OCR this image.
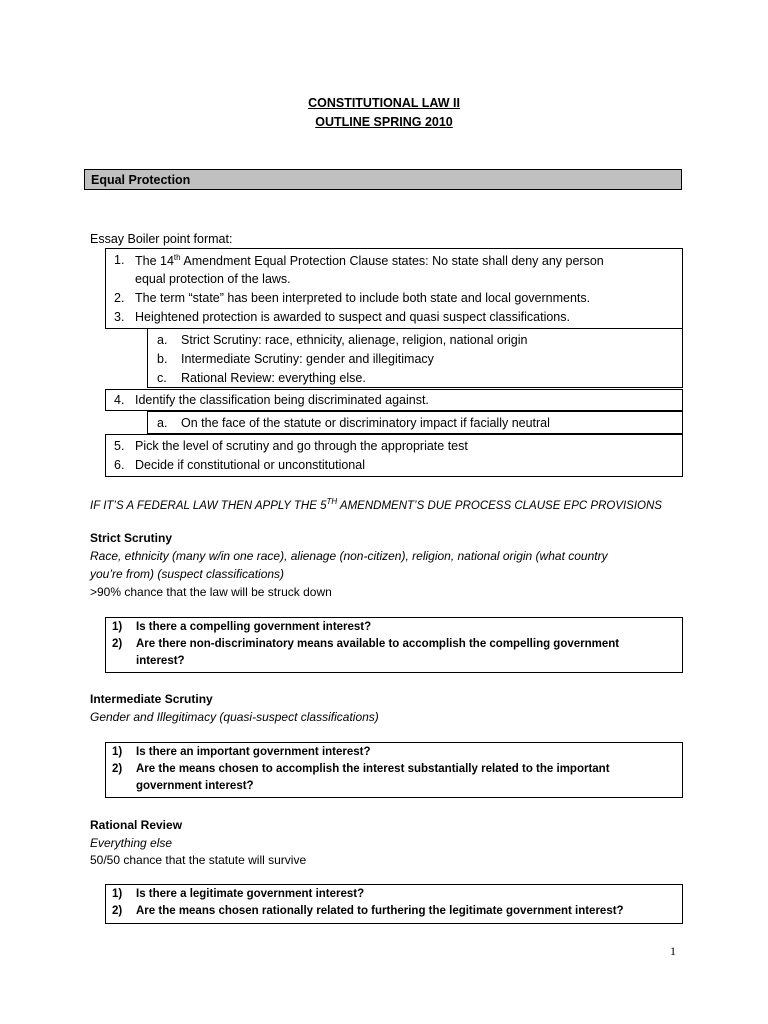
CONSTITUTIONAL LAW II
OUTLINE SPRING 2010
Equal Protection
Essay Boiler point format:
1. The 14th Amendment Equal Protection Clause states: No state shall deny any person
equal protection of the laws.
2. The term “state” has been interpreted to include both state and local governments.
3. Heightened protection is awarded to suspect and quasi suspect classifications.
a. Strict Scrutiny: race, ethnicity, alienage, religion, national origin
b. Intermediate Scrutiny: gender and illegitimacy
c. Rational Review: everything else.
4. Identify the classification being discriminated against.
a. On the face of the statute or discriminatory impact if facially neutral
5. Pick the level of scrutiny and go through the appropriate test
6. Decide if constitutional or unconstitutional
IF IT’S A FEDERAL LAW THEN APPLY THE 5TH AMENDMENT’S DUE PROCESS CLAUSE EPC PROVISIONS
Strict Scrutiny
Race, ethnicity (many w/in one race), alienage (non-citizen), religion, national origin (what country
you’re from) (suspect classifications)
>90% chance that the law will be struck down
1) Is there a compelling government interest?
2) Are there non-discriminatory means available to accomplish the compelling government
interest?
Intermediate Scrutiny
Gender and Illegitimacy (quasi-suspect classifications)
1) Is there an important government interest?
2) Are the means chosen to accomplish the interest substantially related to the important
government interest?
Rational Review
Everything else
50/50 chance that the statute will survive
1) Is there a legitimate government interest?
2) Are the means chosen rationally related to furthering the legitimate government interest?
1
